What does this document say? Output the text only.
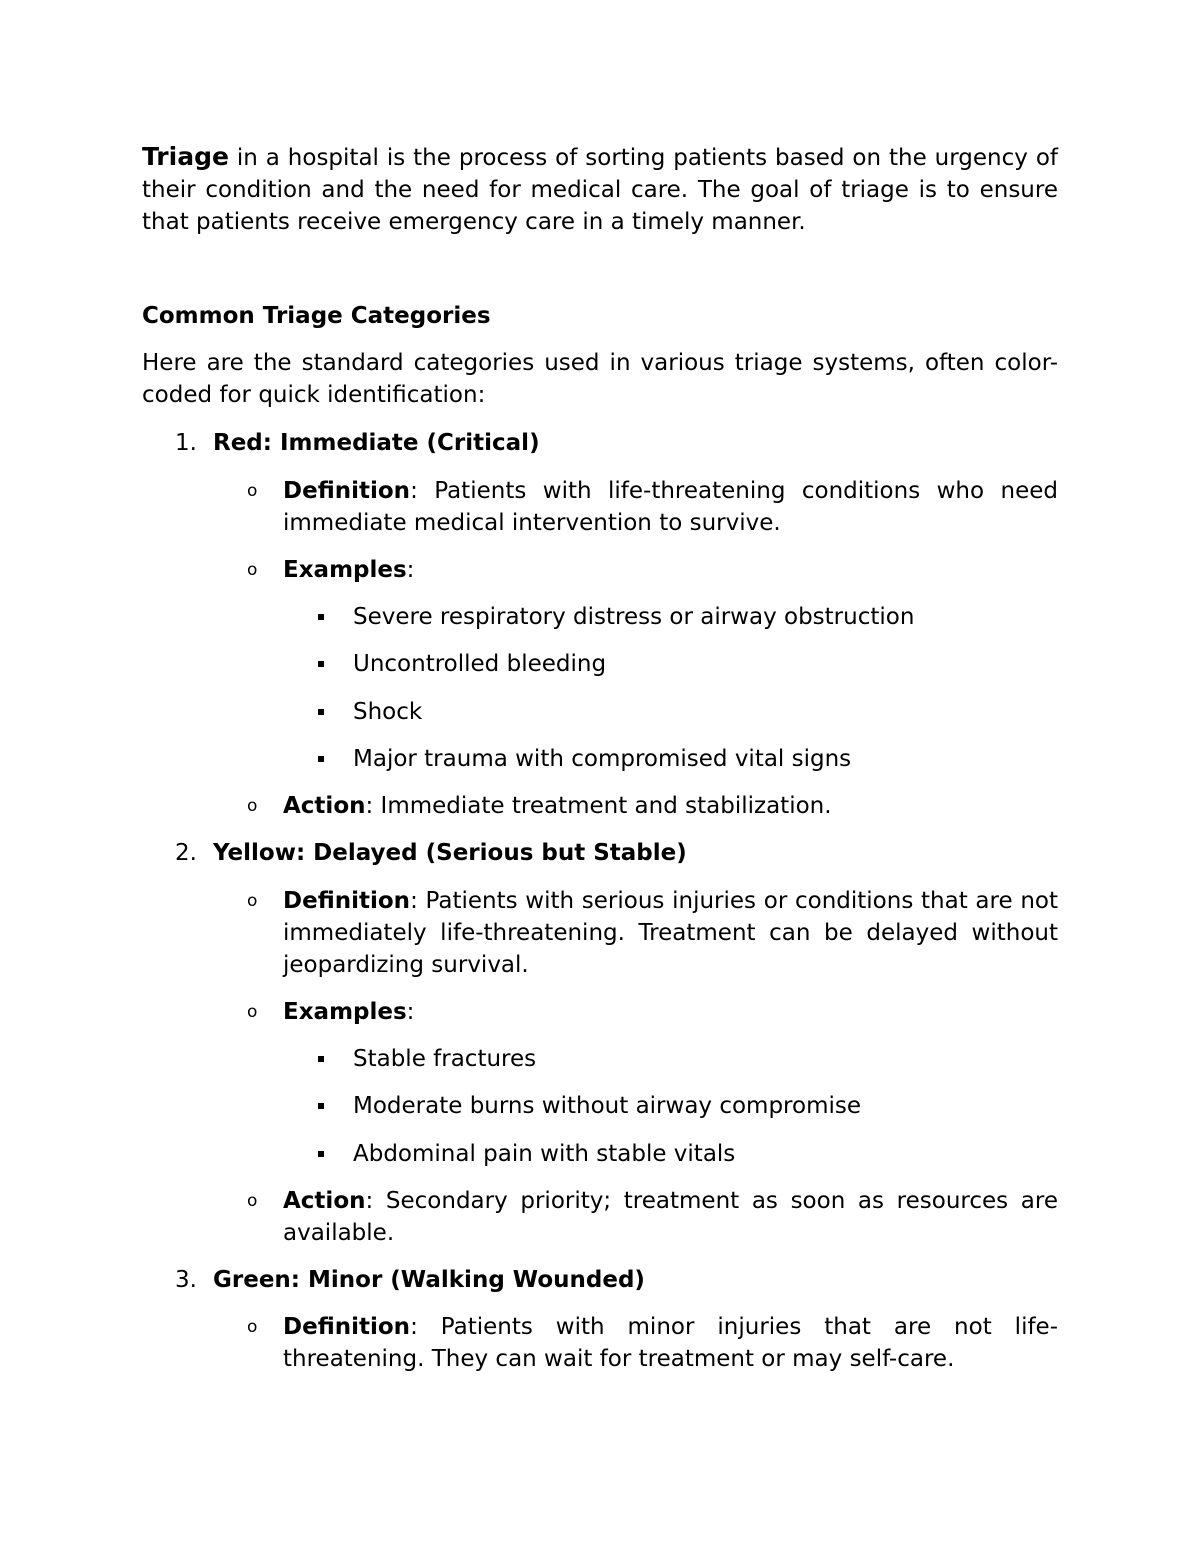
Triage in a hospital is the process of sorting patients based on the urgency of their condition and the need for medical care. The goal of triage is to ensure that patients receive emergency care in a timely manner.

Common Triage Categories

Here are the standard categories used in various triage systems, often color-coded for quick identification:

1. Red: Immediate (Critical)
o Definition: Patients with life-threatening conditions who need immediate medical intervention to survive.
o Examples:
Severe respiratory distress or airway obstruction
Uncontrolled bleeding
Shock
Major trauma with compromised vital signs
o Action: Immediate treatment and stabilization.
2. Yellow: Delayed (Serious but Stable)
o Definition: Patients with serious injuries or conditions that are not immediately life-threatening. Treatment can be delayed without jeopardizing survival.
o Examples:
Stable fractures
Moderate burns without airway compromise
Abdominal pain with stable vitals
o Action: Secondary priority; treatment as soon as resources are available.
3. Green: Minor (Walking Wounded)
o Definition: Patients with minor injuries that are not life-threatening. They can wait for treatment or may self-care.
